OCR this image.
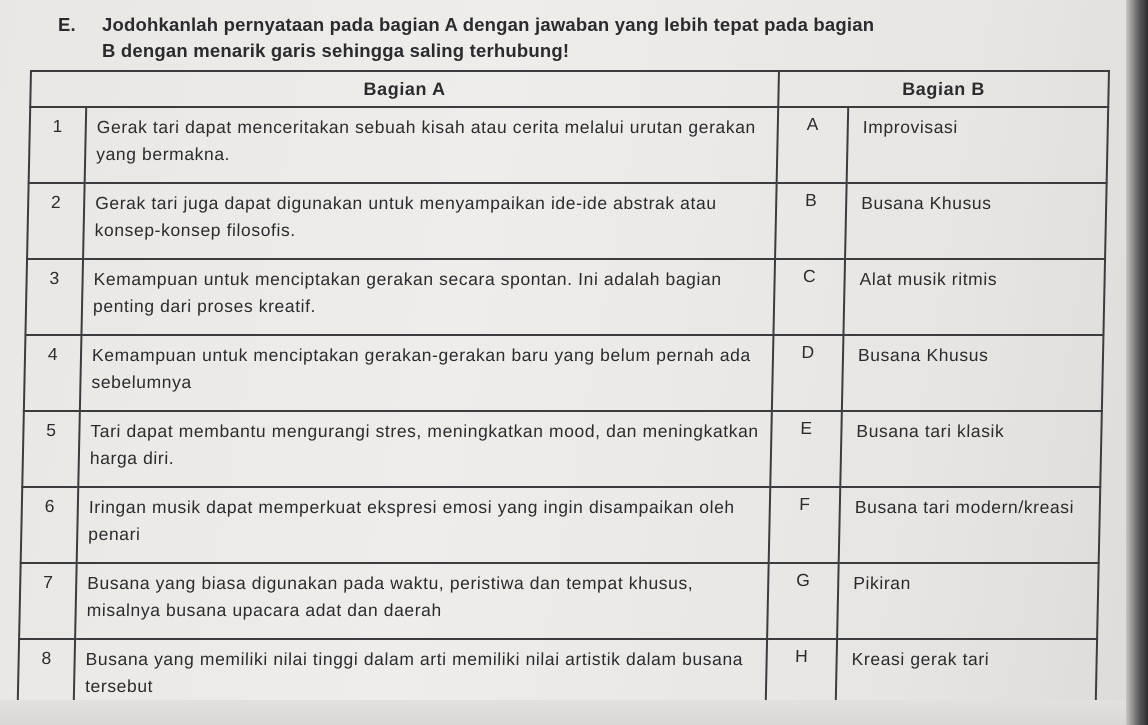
E. Jodohkanlah pernyataan pada bagian A dengan jawaban yang lebih tepat pada bagian
B dengan menarik garis sehingga saling terhubung!
Bagian A		Bagian B	
1	Gerak tari dapat menceritakan sebuah kisah atau cerita melalui urutan gerakan yang bermakna.	A	Improvisasi
2	Gerak tari juga dapat digunakan untuk menyampaikan ide-ide abstrak atau konsep-konsep filosofis.	B	Busana Khusus
3	Kemampuan untuk menciptakan gerakan secara spontan. Ini adalah bagian penting dari proses kreatif.	C	Alat musik ritmis
4	Kemampuan untuk menciptakan gerakan-gerakan baru yang belum pernah ada sebelumnya	D	Busana Khusus
5	Tari dapat membantu mengurangi stres, meningkatkan mood, dan meningkatkan harga diri.	E	Busana tari klasik
6	Iringan musik dapat memperkuat ekspresi emosi yang ingin disampaikan oleh penari	F	Busana tari modern/kreasi
7	Busana yang biasa digunakan pada waktu, peristiwa dan tempat khusus, misalnya busana upacara adat dan daerah	G	Pikiran
8	Busana yang memiliki nilai tinggi dalam arti memiliki nilai artistik dalam busana tersebut	H	Kreasi gerak tari
